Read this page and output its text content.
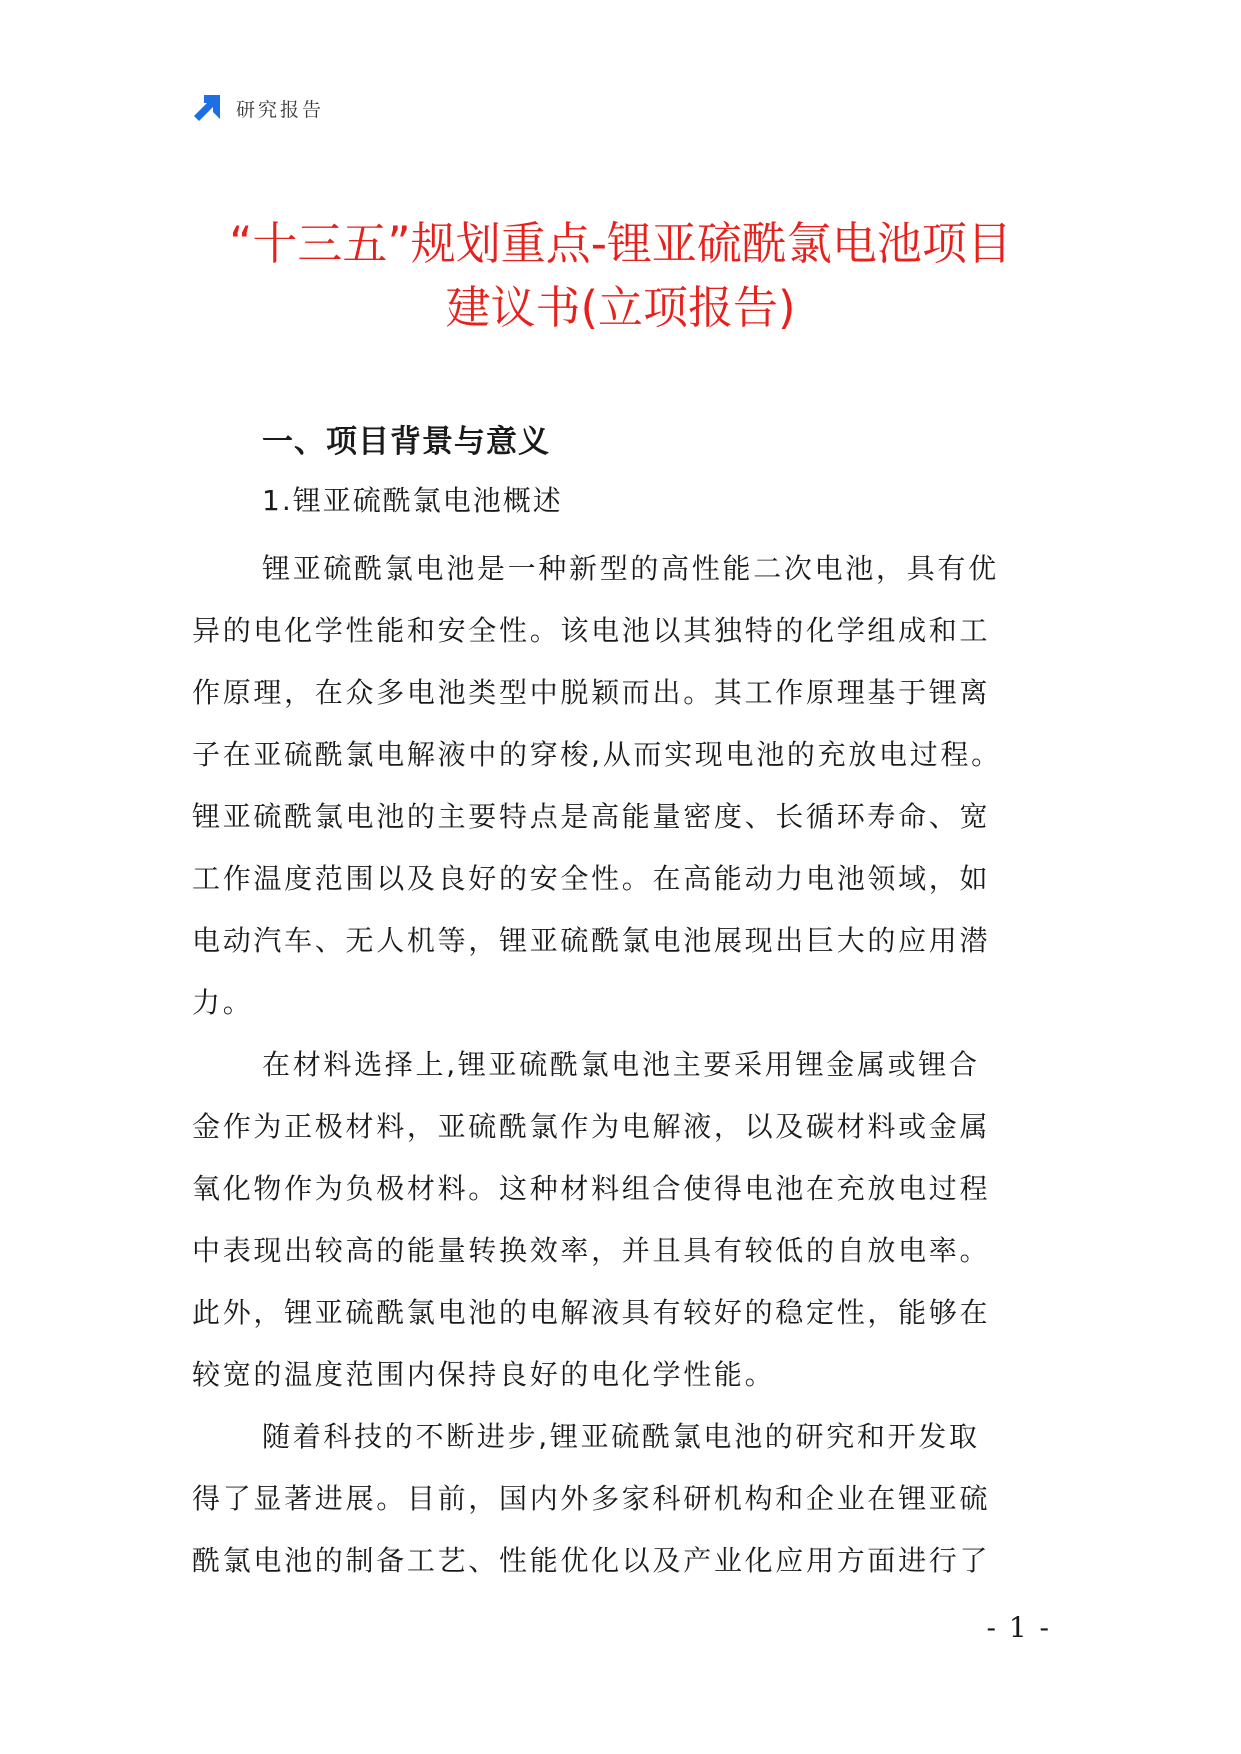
研究报告
“十三五”规划重点-锂亚硫酰氯电池项目
建议书(立项报告)
一、项目背景与意义
1.锂亚硫酰氯电池概述
锂亚硫酰氯电池是一种新型的高性能二次电池，具有优
异的电化学性能和安全性。该电池以其独特的化学组成和工
作原理，在众多电池类型中脱颖而出。其工作原理基于锂离
子在亚硫酰氯电解液中的穿梭,从而实现电池的充放电过程。
锂亚硫酰氯电池的主要特点是高能量密度、长循环寿命、宽
工作温度范围以及良好的安全性。在高能动力电池领域，如
电动汽车、无人机等，锂亚硫酰氯电池展现出巨大的应用潜
力。
在材料选择上,锂亚硫酰氯电池主要采用锂金属或锂合
金作为正极材料，亚硫酰氯作为电解液，以及碳材料或金属
氧化物作为负极材料。这种材料组合使得电池在充放电过程
中表现出较高的能量转换效率，并且具有较低的自放电率。
此外，锂亚硫酰氯电池的电解液具有较好的稳定性，能够在
较宽的温度范围内保持良好的电化学性能。
随着科技的不断进步,锂亚硫酰氯电池的研究和开发取
得了显著进展。目前，国内外多家科研机构和企业在锂亚硫
酰氯电池的制备工艺、性能优化以及产业化应用方面进行了
- 1 -
